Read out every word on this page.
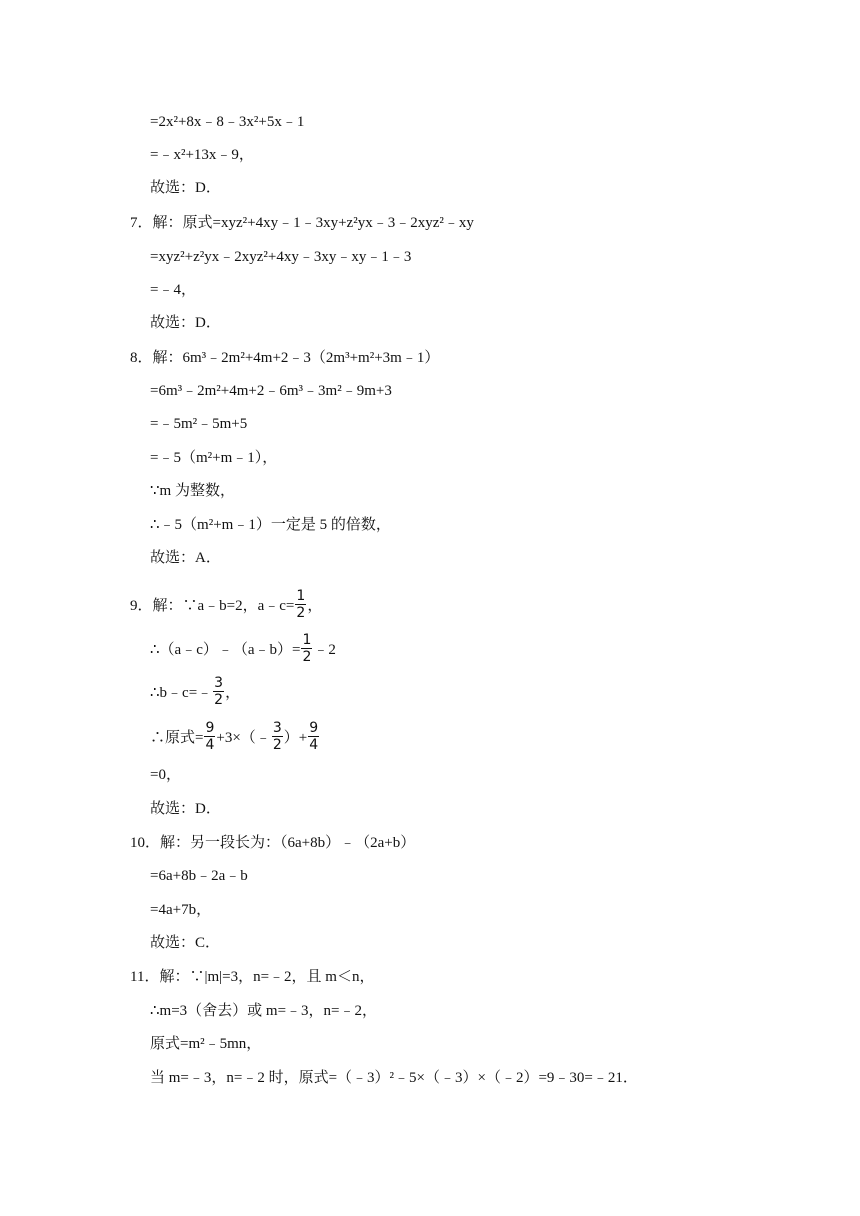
=2x²+8x﹣8﹣3x²+5x﹣1
=﹣x²+13x﹣9，
故选：D．
7．解：原式=xyz²+4xy﹣1﹣3xy+z²yx﹣3﹣2xyz²﹣xy
=xyz²+z²yx﹣2xyz²+4xy﹣3xy﹣xy﹣1﹣3
=﹣4，
故选：D．
8．解：6m³﹣2m²+4m+2﹣3（2m³+m²+3m﹣1）
=6m³﹣2m²+4m+2﹣6m³﹣3m²﹣9m+3
=﹣5m²﹣5m+5
=﹣5（m²+m﹣1），
∵m 为整数，
∴﹣5（m²+m﹣1）一定是 5 的倍数，
故选：A．
9．解：∵a﹣b=2，a﹣c= $\frac{1}{2}$ ，
∴（a﹣c）﹣（a﹣b）= $\frac{1}{2}$ ﹣2
∴b﹣c=﹣ $\frac{3}{2}$ ，
∴原式= $\frac{9}{4}$ +3×（﹣ $\frac{3}{2}$ ）+ $\frac{9}{4}$
=0，
故选：D．
10．解：另一段长为：（6a+8b）﹣（2a+b）
=6a+8b﹣2a﹣b
=4a+7b，
故选：C．
11．解：∵|m|=3，n=﹣2，且 m＜n，
∴m=3（舍去）或 m=﹣3，n=﹣2，
原式=m²﹣5mn，
当 m=﹣3，n=﹣2 时，原式=（﹣3）²﹣5×（﹣3）×（﹣2）=9﹣30=﹣21．
